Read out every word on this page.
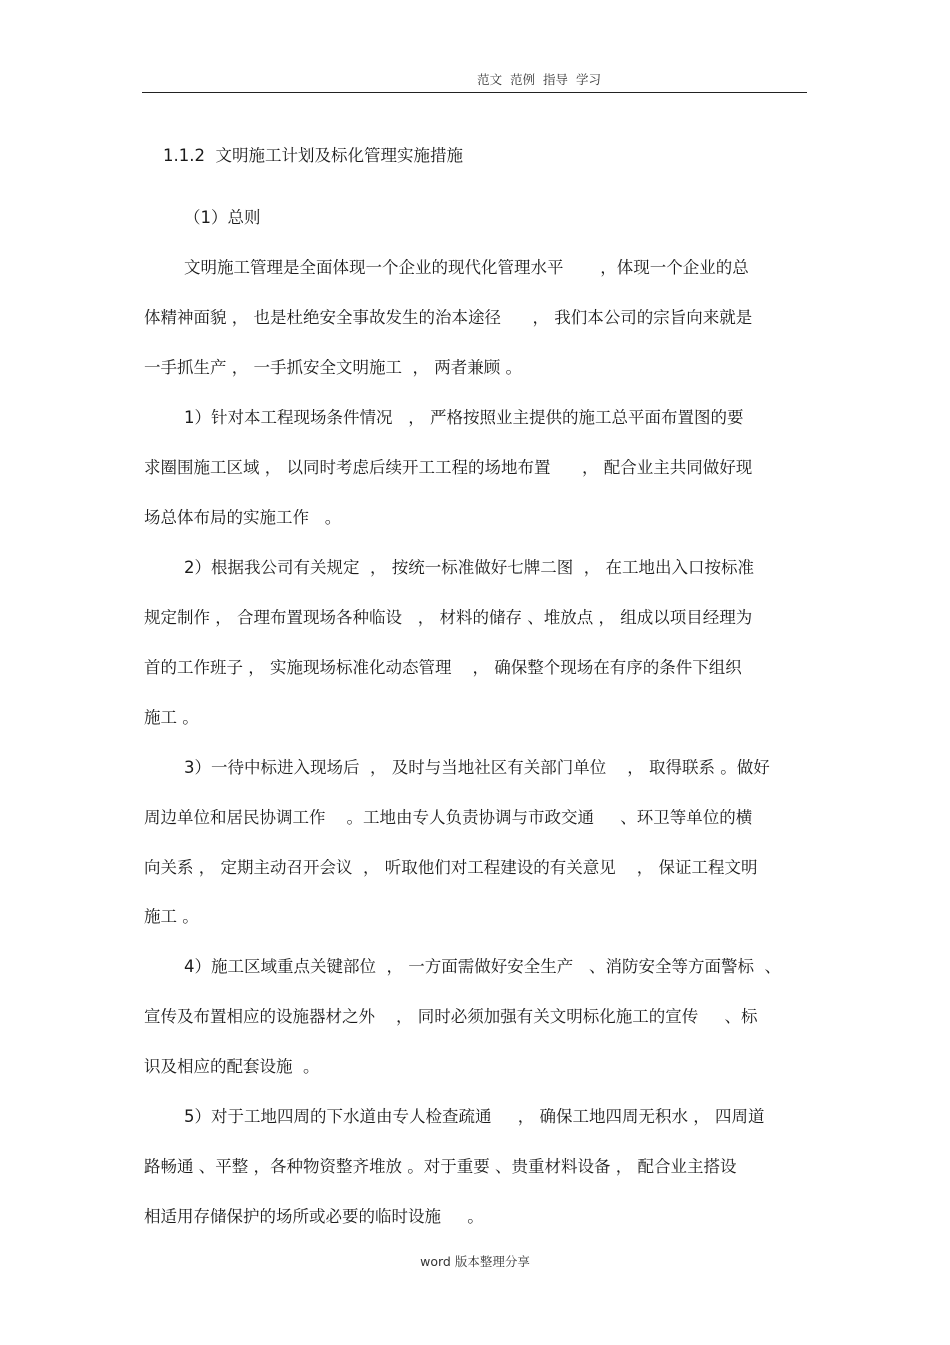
范文  范例  指导  学习
1.1.2  文明施工计划及标化管理实施措施
（1）总则
文明施工管理是全面体现一个企业的现代化管理水平       ，体现一个企业的总
体精神面貌 ， 也是杜绝安全事故发生的治本途径      ， 我们本公司的宗旨向来就是
一手抓生产 ， 一手抓安全文明施工  ， 两者兼顾 。
1）针对本工程现场条件情况   ， 严格按照业主提供的施工总平面布置图的要
求圈围施工区域 ， 以同时考虑后续开工工程的场地布置      ， 配合业主共同做好现
场总体布局的实施工作   。
2）根据我公司有关规定  ， 按统一标准做好七牌二图  ， 在工地出入口按标准
规定制作 ， 合理布置现场各种临设   ， 材料的储存 、堆放点 ， 组成以项目经理为
首的工作班子 ， 实施现场标准化动态管理    ， 确保整个现场在有序的条件下组织
施工 。
3）一待中标进入现场后  ， 及时与当地社区有关部门单位    ， 取得联系 。做好
周边单位和居民协调工作    。工地由专人负责协调与市政交通     、环卫等单位的横
向关系 ， 定期主动召开会议  ， 听取他们对工程建设的有关意见    ， 保证工程文明
施工 。
4）施工区域重点关键部位  ， 一方面需做好安全生产   、消防安全等方面警标  、
宣传及布置相应的设施器材之外    ， 同时必须加强有关文明标化施工的宣传     、标
识及相应的配套设施  。
5）对于工地四周的下水道由专人检查疏通     ， 确保工地四周无积水 ， 四周道
路畅通 、平整 ，各种物资整齐堆放 。对于重要 、贵重材料设备 ， 配合业主搭设
相适用存储保护的场所或必要的临时设施     。
word 版本整理分享
